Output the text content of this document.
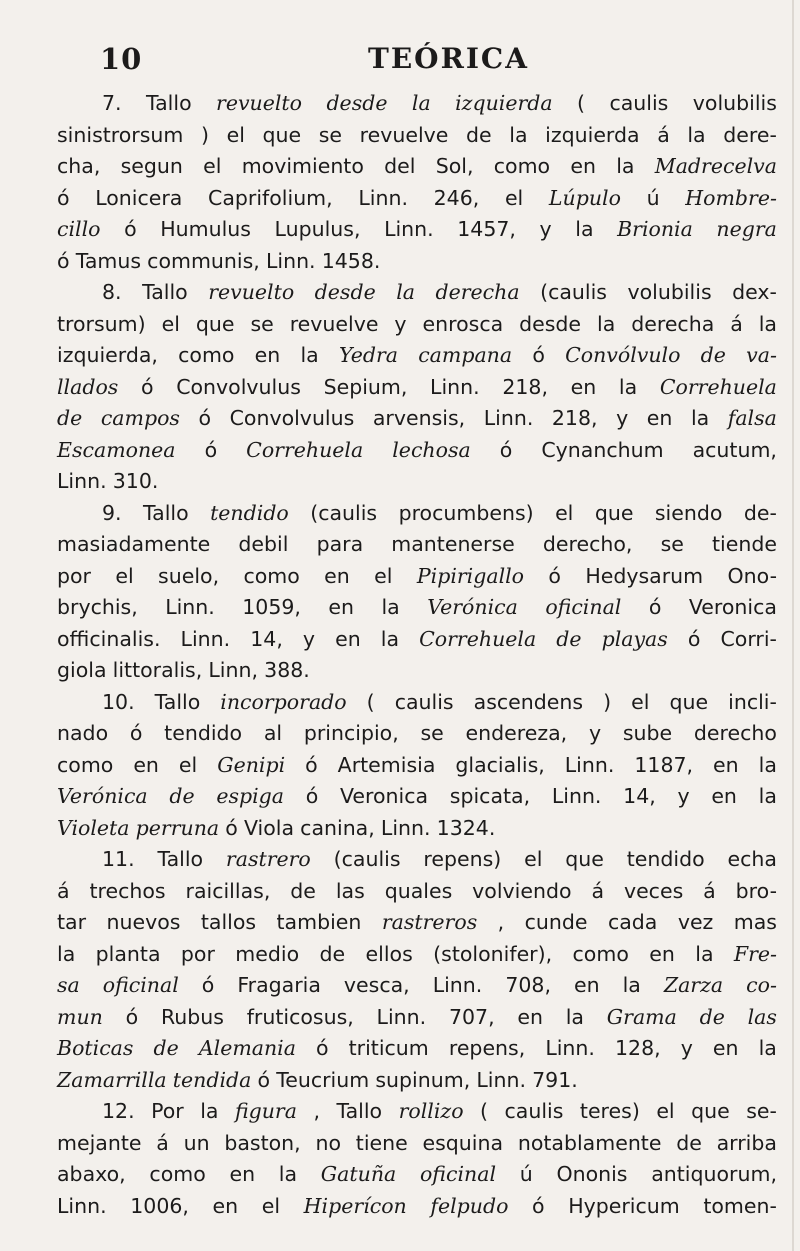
10	TEÓRICA
7. Tallo revuelto desde la izquierda ( caulis volubilis
sinistrorsum ) el que se revuelve de la izquierda á la dere-
cha, segun el movimiento del Sol, como en la Madrecelva
ó Lonicera Caprifolium, Linn. 246, el Lúpulo ú Hombre-
cillo ó Humulus Lupulus, Linn. 1457, y la Brionia negra
ó Tamus communis, Linn. 1458.
8. Tallo revuelto desde la derecha (caulis volubilis dex-
trorsum) el que se revuelve y enrosca desde la derecha á la
izquierda, como en la Yedra campana ó Convólvulo de va-
llados ó Convolvulus Sepium, Linn. 218, en la Correhuela
de campos ó Convolvulus arvensis, Linn. 218, y en la falsa
Escamonea ó Correhuela lechosa ó Cynanchum acutum,
Linn. 310.
9. Tallo tendido (caulis procumbens) el que siendo de-
masiadamente debil para mantenerse derecho, se tiende
por el suelo, como en el Pipirigallo ó Hedysarum Ono-
brychis, Linn. 1059, en la Verónica oficinal ó Veronica
officinalis. Linn. 14, y en la Correhuela de playas ó Corri-
giola littoralis, Linn, 388.
10. Tallo incorporado ( caulis ascendens ) el que incli-
nado ó tendido al principio, se endereza, y sube derecho
como en el Genipi ó Artemisia glacialis, Linn. 1187, en la
Verónica de espiga ó Veronica spicata, Linn. 14, y en la
Violeta perruna ó Viola canina, Linn. 1324.
11. Tallo rastrero (caulis repens) el que tendido echa
á trechos raicillas, de las quales volviendo á veces á bro-
tar nuevos tallos tambien rastreros , cunde cada vez mas
la planta por medio de ellos (stolonifer), como en la Fre-
sa oficinal ó Fragaria vesca, Linn. 708, en la Zarza co-
mun ó Rubus fruticosus, Linn. 707, en la Grama de las
Boticas de Alemania ó triticum repens, Linn. 128, y en la
Zamarrilla tendida ó Teucrium supinum, Linn. 791.
12. Por la figura , Tallo rollizo ( caulis teres) el que se-
mejante á un baston, no tiene esquina notablamente de arriba
abaxo, como en la Gatuña oficinal ú Ononis antiquorum,
Linn. 1006, en el Hiperícon felpudo ó Hypericum tomen-
